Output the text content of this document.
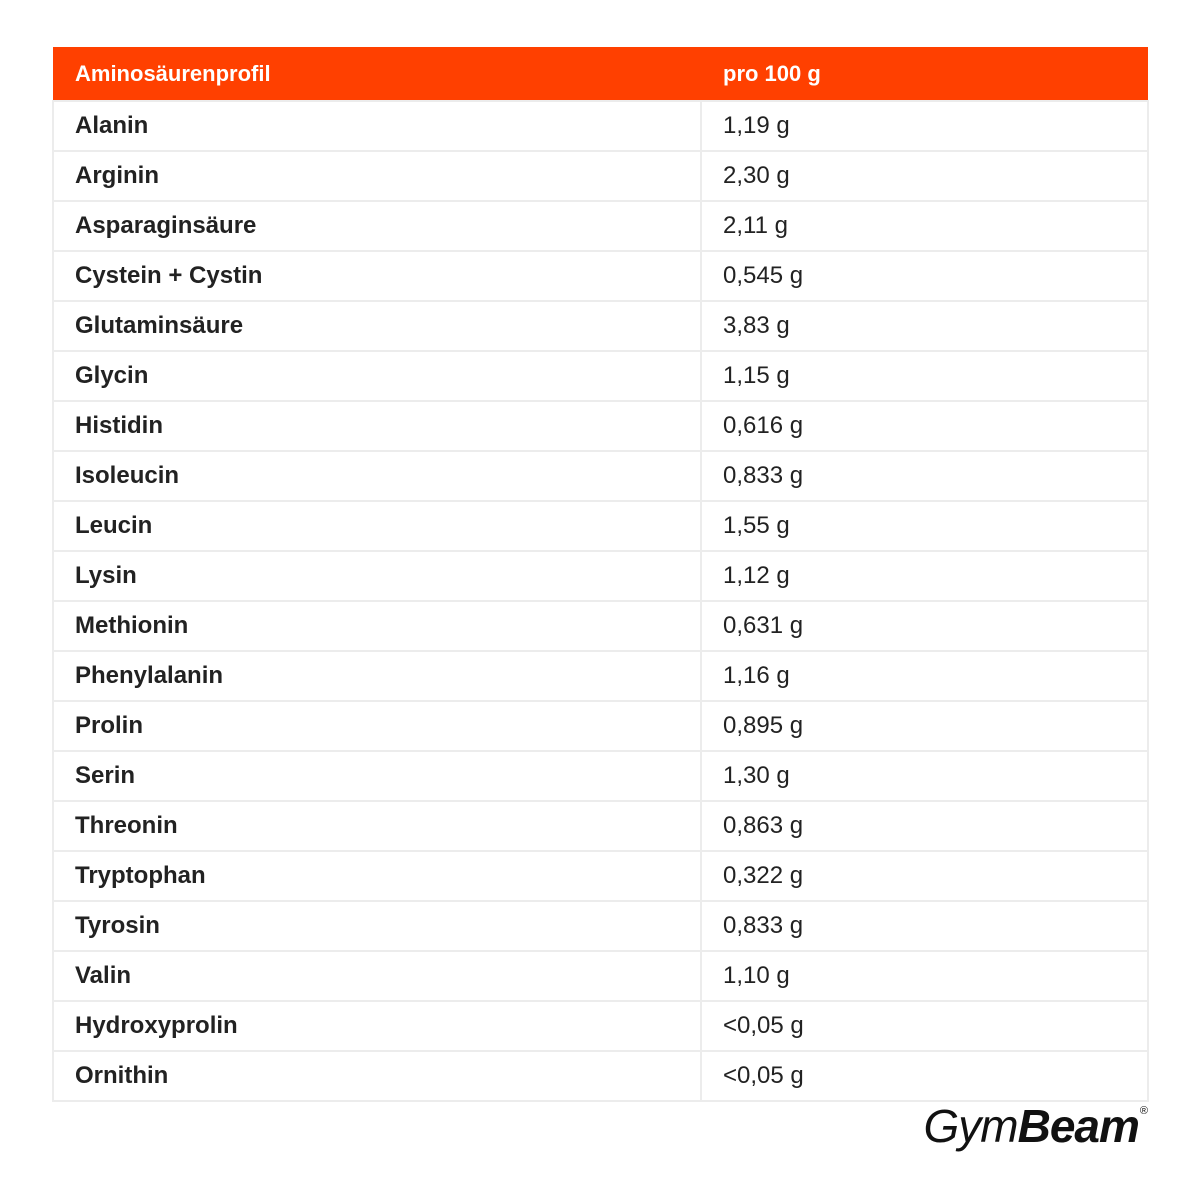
Aminosäurenprofil	pro 100 g
Alanin	1,19 g
Arginin	2,30 g
Asparaginsäure	2,11 g
Cystein + Cystin	0,545 g
Glutaminsäure	3,83 g
Glycin	1,15 g
Histidin	0,616 g
Isoleucin	0,833 g
Leucin	1,55 g
Lysin	1,12 g
Methionin	0,631 g
Phenylalanin	1,16 g
Prolin	0,895 g
Serin	1,30 g
Threonin	0,863 g
Tryptophan	0,322 g
Tyrosin	0,833 g
Valin	1,10 g
Hydroxyprolin	<0,05 g
Ornithin	<0,05 g
Gym Beam ®
